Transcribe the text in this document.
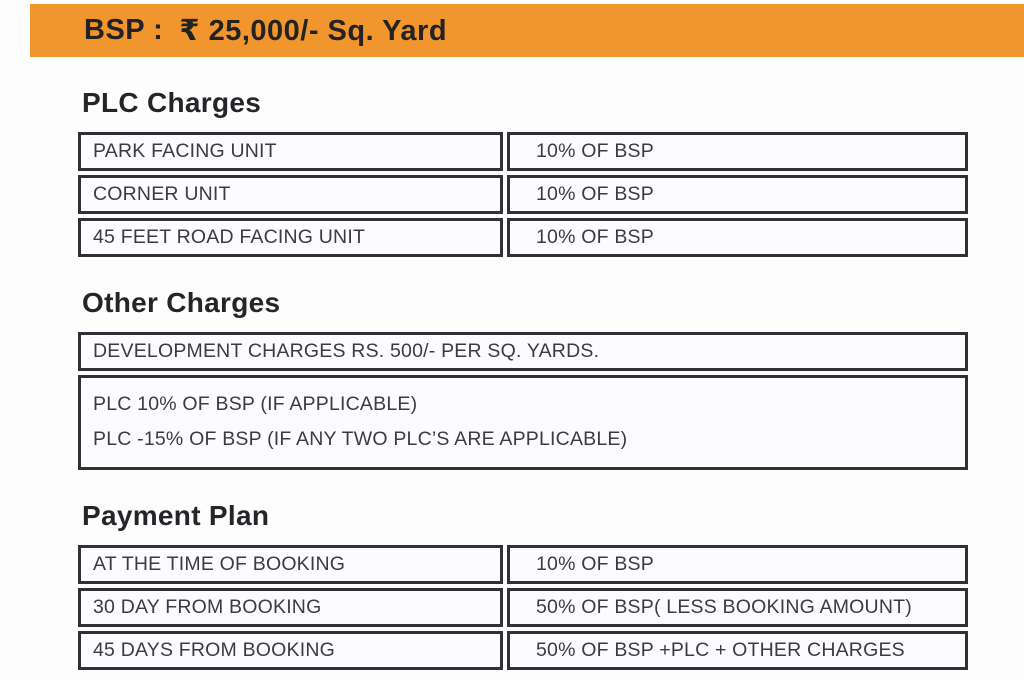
BSP : ₹ 25,000/- Sq. Yard
PLC Charges
PARK FACING UNIT	10% OF BSP
CORNER UNIT	10% OF BSP
45 FEET ROAD FACING UNIT	10% OF BSP
Other Charges
DEVELOPMENT CHARGES RS. 500/- PER SQ. YARDS.
PLC 10% OF BSP (IF APPLICABLE)
PLC -15% OF BSP (IF ANY TWO PLC’S ARE APPLICABLE)
Payment Plan
AT THE TIME OF BOOKING	10% OF BSP
30 DAY FROM BOOKING	50% OF BSP( LESS BOOKING AMOUNT)
45 DAYS FROM BOOKING	50% OF BSP +PLC + OTHER CHARGES
